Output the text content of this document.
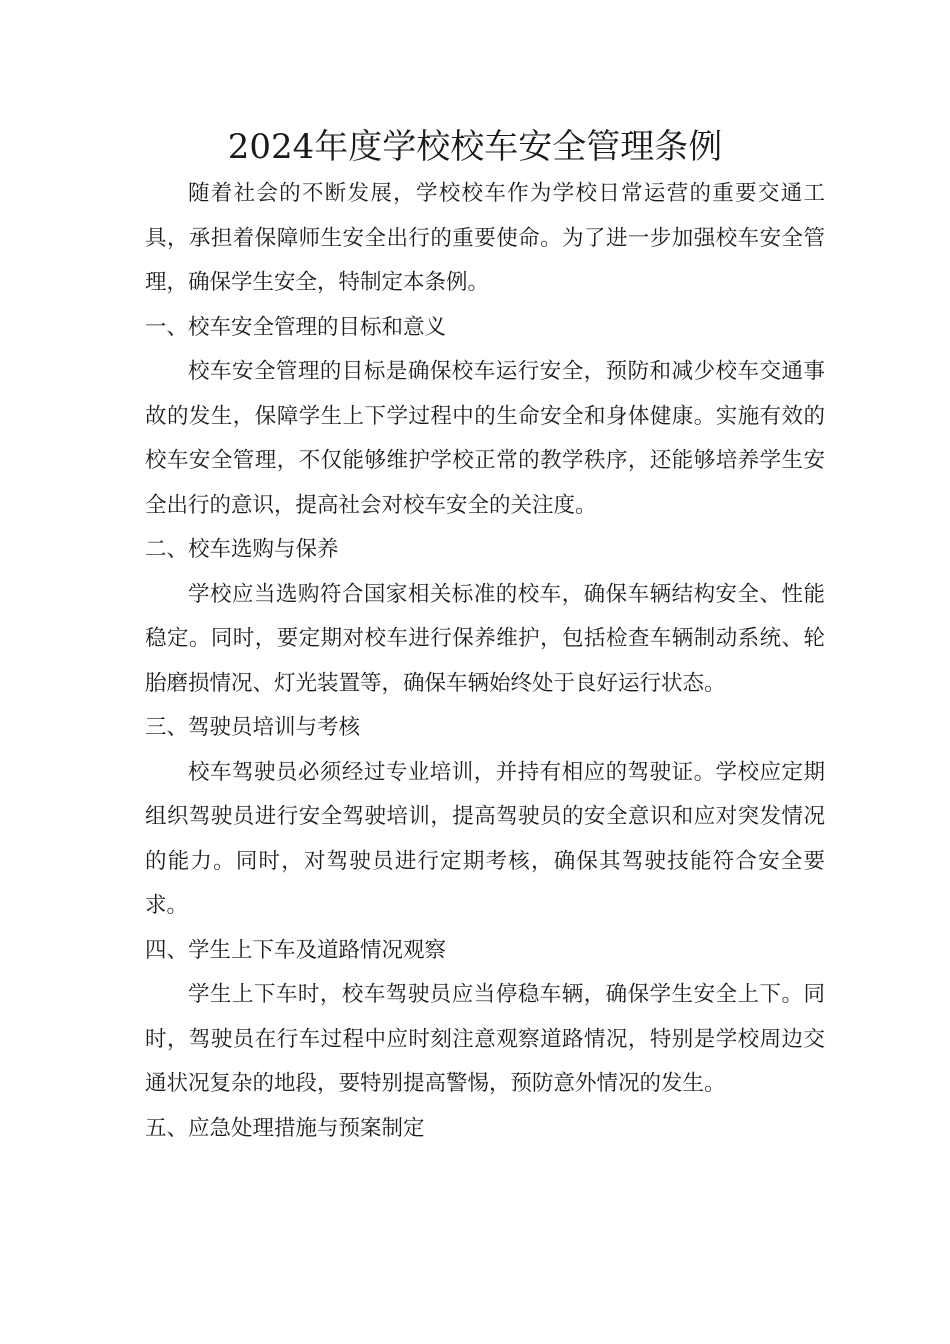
2024年度学校校车安全管理条例

随着社会的不断发展，学校校车作为学校日常运营的重要交通工具，承担着保障师生安全出行的重要使命。为了进一步加强校车安全管理，确保学生安全，特制定本条例。

一、校车安全管理的目标和意义

校车安全管理的目标是确保校车运行安全，预防和减少校车交通事故的发生，保障学生上下学过程中的生命安全和身体健康。实施有效的校车安全管理，不仅能够维护学校正常的教学秩序，还能够培养学生安全出行的意识，提高社会对校车安全的关注度。

二、校车选购与保养

学校应当选购符合国家相关标准的校车，确保车辆结构安全、性能稳定。同时，要定期对校车进行保养维护，包括检查车辆制动系统、轮胎磨损情况、灯光装置等，确保车辆始终处于良好运行状态。

三、驾驶员培训与考核

校车驾驶员必须经过专业培训，并持有相应的驾驶证。学校应定期组织驾驶员进行安全驾驶培训，提高驾驶员的安全意识和应对突发情况的能力。同时，对驾驶员进行定期考核，确保其驾驶技能符合安全要求。

四、学生上下车及道路情况观察

学生上下车时，校车驾驶员应当停稳车辆，确保学生安全上下。同时，驾驶员在行车过程中应时刻注意观察道路情况，特别是学校周边交通状况复杂的地段，要特别提高警惕，预防意外情况的发生。

五、应急处理措施与预案制定
